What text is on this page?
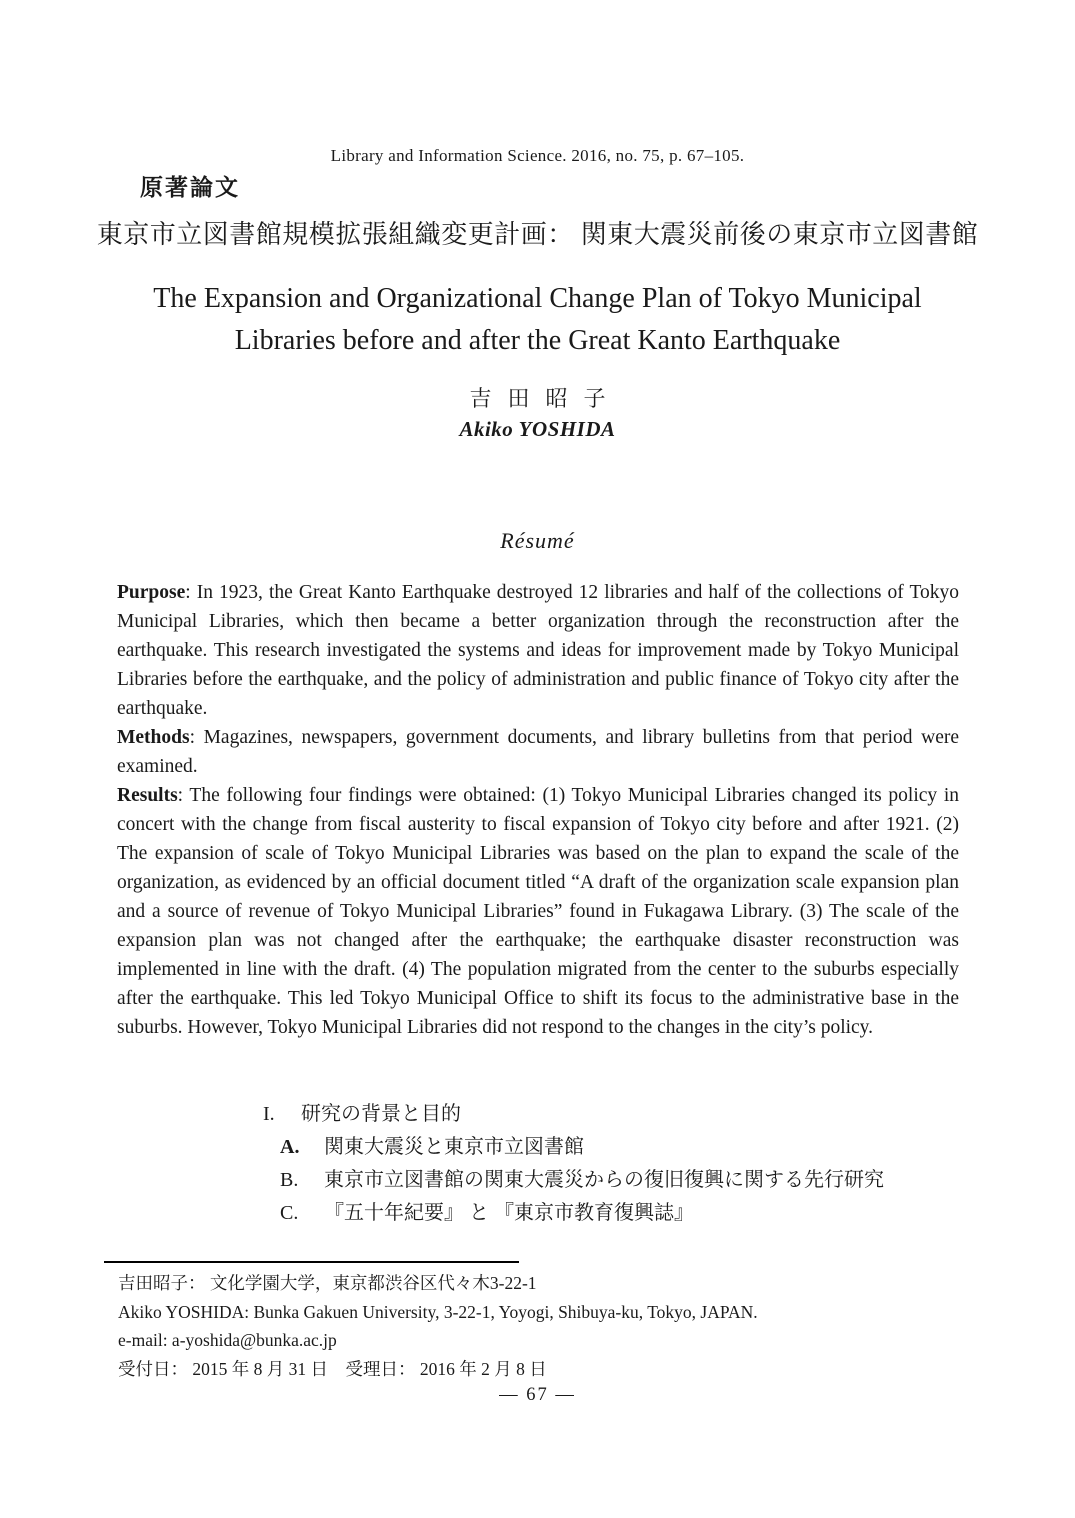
Library and Information Science. 2016, no. 75, p. 67–105.
原著論文
東京市立図書館規模拡張組織変更計画： 関東大震災前後の東京市立図書館
The Expansion and Organizational Change Plan of Tokyo Municipal
Libraries before and after the Great Kanto Earthquake
吉田昭子
Akiko YOSHIDA
Résumé

Purpose: In 1923, the Great Kanto Earthquake destroyed 12 libraries and half of the collections of Tokyo Municipal Libraries, which then became a better organization through the reconstruction after the earthquake. This research investigated the systems and ideas for improvement made by Tokyo Municipal Libraries before the earthquake, and the policy of administration and public finance of Tokyo city after the earthquake.

Methods: Magazines, newspapers, government documents, and library bulletins from that period were examined.

Results: The following four findings were obtained: (1) Tokyo Municipal Libraries changed its policy in concert with the change from fiscal austerity to fiscal expansion of Tokyo city before and after 1921. (2) The expansion of scale of Tokyo Municipal Libraries was based on the plan to expand the scale of the organization, as evidenced by an official document titled “A draft of the organization scale expansion plan and a source of revenue of Tokyo Municipal Libraries” found in Fukagawa Library. (3) The scale of the expansion plan was not changed after the earthquake; the earthquake disaster reconstruction was implemented in line with the draft. (4) The population migrated from the center to the suburbs especially after the earthquake. This led Tokyo Municipal Office to shift its focus to the administrative base in the suburbs. However, Tokyo Municipal Libraries did not respond to the changes in the city’s policy.

I.	研究の背景と目的
A.	関東大震災と東京市立図書館
B.	東京市立図書館の関東大震災からの復旧復興に関する先行研究
C.	『五十年紀要』 と 『東京市教育復興誌』
吉田昭子： 文化学園大学，東京都渋谷区代々木3-22-1
Akiko YOSHIDA: Bunka Gakuen University, 3-22-1, Yoyogi, Shibuya-ku, Tokyo, JAPAN.
e-mail: a-yoshida@bunka.ac.jp
受付日： 2015 年 8 月 31 日　受理日： 2016 年 2 月 8 日
— 67 —
